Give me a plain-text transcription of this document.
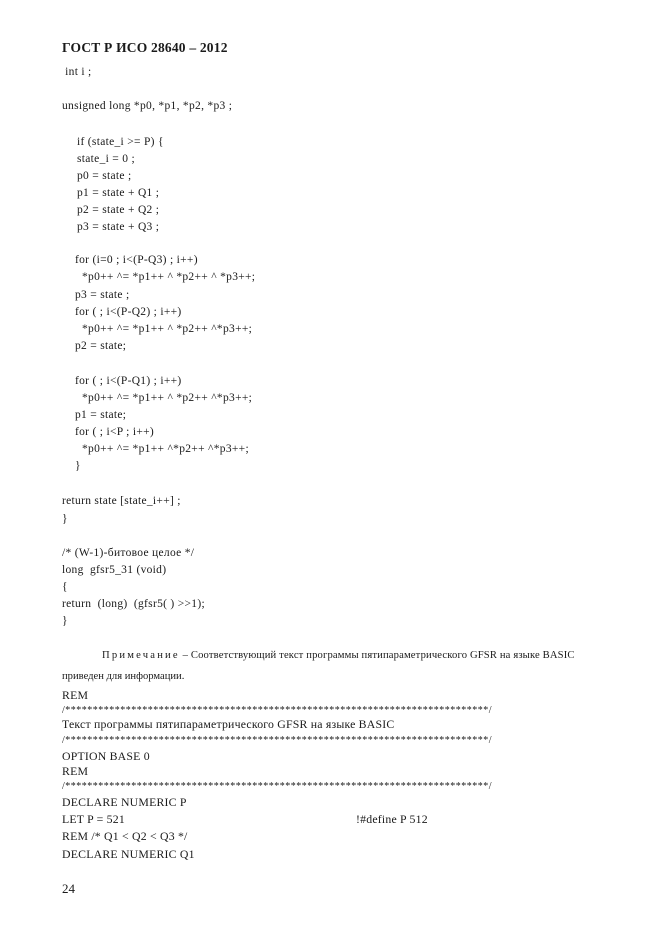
ГОСТ Р ИСО 28640 – 2012
int i ;
unsigned long *p0, *p1, *p2, *p3 ;
if (state_i >= P) {
state_i = 0 ;
p0 = state ;
p1 = state + Q1 ;
p2 = state + Q2 ;
p3 = state + Q3 ;
for (i=0 ; i<(P-Q3) ; i++)
*p0++ ^= *p1++ ^ *p2++ ^ *p3++;
p3 = state ;
for ( ; i<(P-Q2) ; i++)
*p0++ ^= *p1++ ^ *p2++ ^*p3++;
p2 = state;
for ( ; i<(P-Q1) ; i++)
*p0++ ^= *p1++ ^ *p2++ ^*p3++;
p1 = state;
for ( ; i<P ; i++)
*p0++ ^= *p1++ ^*p2++ ^*p3++;
}
return state [state_i++] ;
}
/* (W-1)-битовое целое */
long  gfsr5_31 (void)
{
return  (long)  (gfsr5( ) >>1);
}
Примечание – Соответствующий текст программы пятипараметрического GFSR на языке BASIC
приведен для информации.
REM
/*****************************************************************************/
Текст программы пятипараметрического GFSR на языке BASIC
/*****************************************************************************/
OPTION BASE 0
REM
/*****************************************************************************/
DECLARE NUMERIC P
LET P = 521	!#define P 512
REM /* Q1 < Q2 < Q3 */
DECLARE NUMERIC Q1
24
